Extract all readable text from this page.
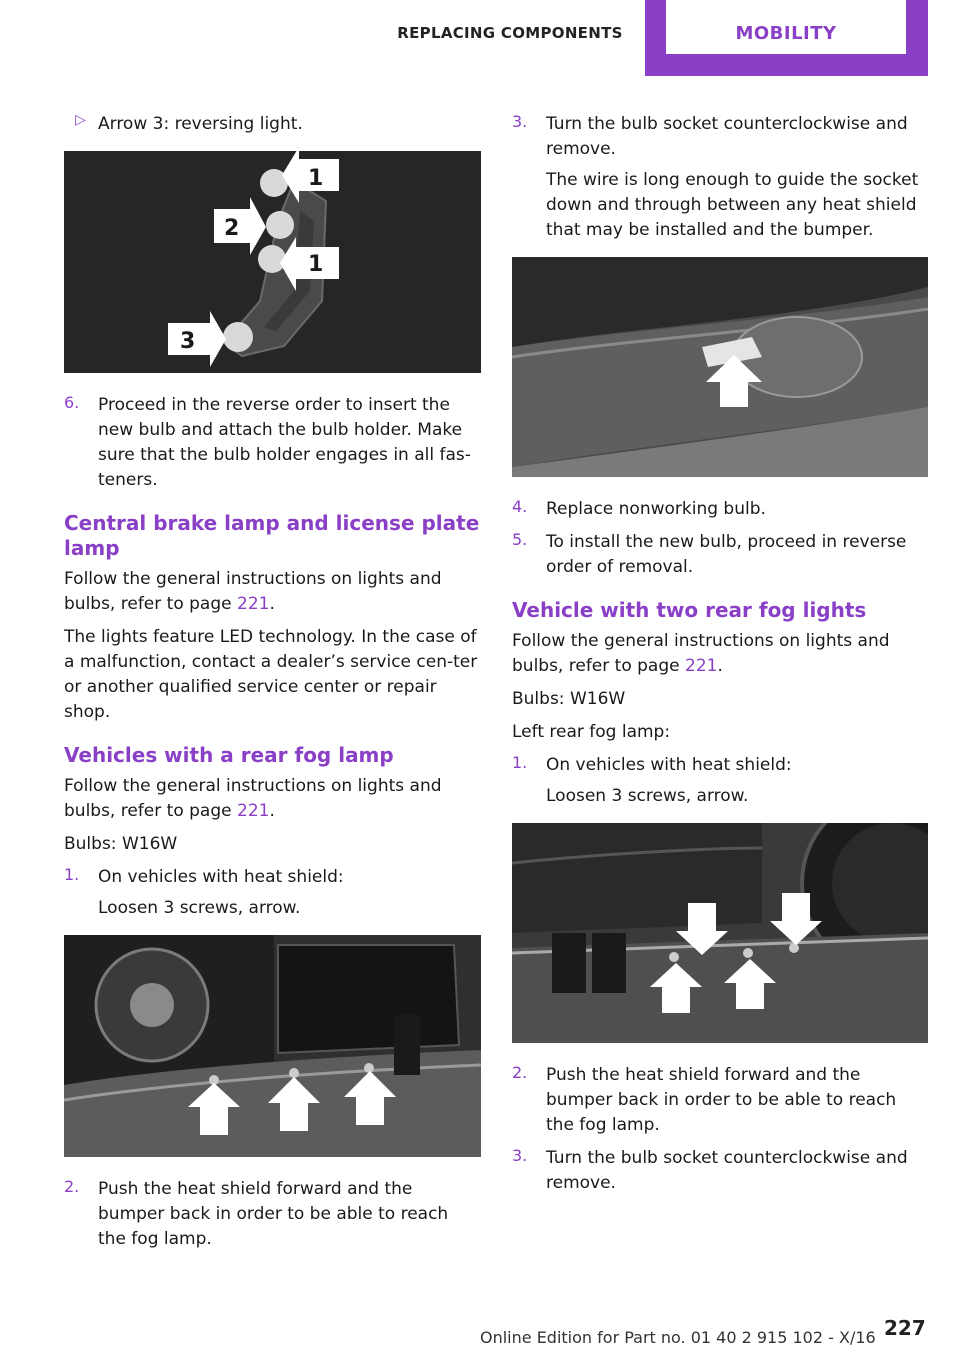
REPLACING COMPONENTS	MOBILITY
▷ Arrow 3: reversing light.

1
2
1
3
6. Proceed in the reverse order to insert the new bulb and attach the bulb holder. Make sure that the bulb holder engages in all fas‐teners.

Central brake lamp and license plate lamp

Follow the general instructions on lights and bulbs, refer to page 221.

The lights feature LED technology. In the case of a malfunction, contact a dealer’s service cen‐ter or another qualified service center or repair shop.

Vehicles with a rear fog lamp

Follow the general instructions on lights and bulbs, refer to page 221.

Bulbs: W16W

1. On vehicles with heat shield:

Loosen 3 screws, arrow.

2. Push the heat shield forward and the bumper back in order to be able to reach the fog lamp.

3. Turn the bulb socket counterclockwise and remove.

The wire is long enough to guide the socket down and through between any heat shield that may be installed and the bumper.

4. Replace nonworking bulb.

5. To install the new bulb, proceed in reverse order of removal.

Vehicle with two rear fog lights

Follow the general instructions on lights and bulbs, refer to page 221.

Bulbs: W16W

Left rear fog lamp:

1. On vehicles with heat shield:

Loosen 3 screws, arrow.

2. Push the heat shield forward and the bumper back in order to be able to reach the fog lamp.

3. Turn the bulb socket counterclockwise and remove.

227
Online Edition for Part no. 01 40 2 915 102 - X/16
